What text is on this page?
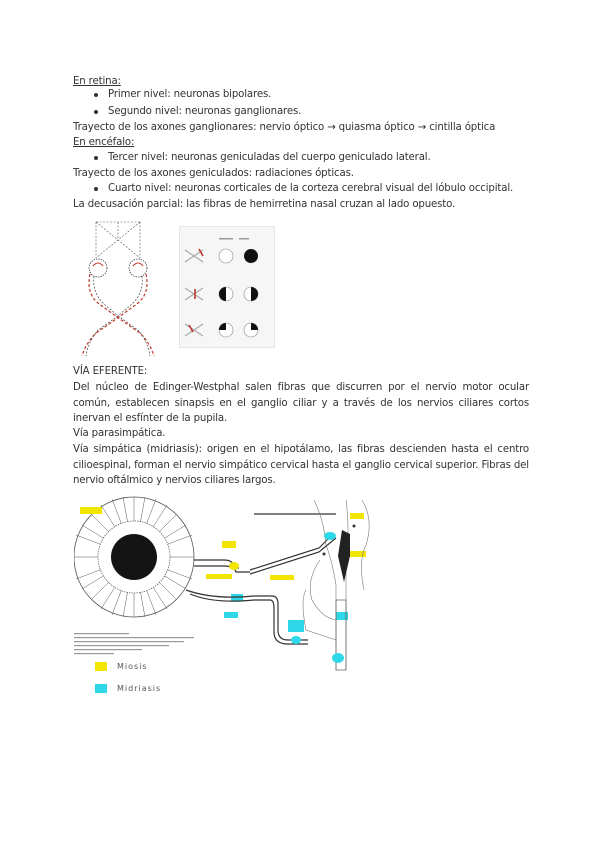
En retina:
Primer nivel: neuronas bipolares.
Segundo nivel: neuronas ganglionares.
Trayecto de los axones ganglionares: nervio óptico → quiasma óptico → cintilla óptica
En encéfalo:
Tercer nivel: neuronas geniculadas del cuerpo geniculado lateral.
Trayecto de los axones geniculados: radiaciones ópticas.
Cuarto nivel: neuronas corticales de la corteza cerebral visual del lóbulo occipital.
La decusación parcial: las fibras de hemirretina nasal cruzan al lado opuesto.
VÍA EFERENTE:
Del núcleo de Edinger-Westphal salen fibras que discurren por el nervio motor ocular común, establecen sinapsis en el ganglio ciliar y a través de los nervios ciliares cortos inervan el esfínter de la pupila.
Vía parasimpática.
Vía simpática (midriasis): origen en el hipotálamo, las fibras descienden hasta el centro cilioespinal, forman el nervio simpático cervical hasta el ganglio cervical superior. Fibras del nervio oftálmico y nervios ciliares largos.
Miosis
Midriasis
